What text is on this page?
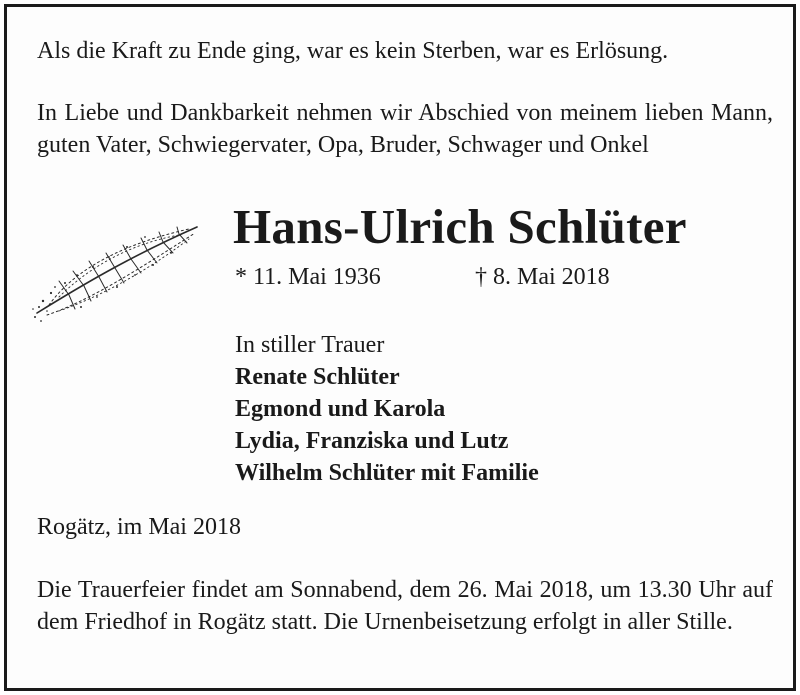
Als die Kraft zu Ende ging, war es kein Sterben, war es Erlösung.
In Liebe und Dankbarkeit nehmen wir Abschied von meinem lieben Mann, guten Vater, Schwiegervater, Opa, Bruder, Schwager und Onkel
Hans-Ulrich Schlüter
* 11. Mai 1936	† 8. Mai 2018
In stiller Trauer
Renate Schlüter
Egmond und Karola
Lydia, Franziska und Lutz
Wilhelm Schlüter mit Familie
Rogätz, im Mai 2018
Die Trauerfeier findet am Sonnabend, dem 26. Mai 2018, um 13.30 Uhr auf dem Friedhof in Rogätz statt. Die Urnenbeisetzung erfolgt in aller Stille.
